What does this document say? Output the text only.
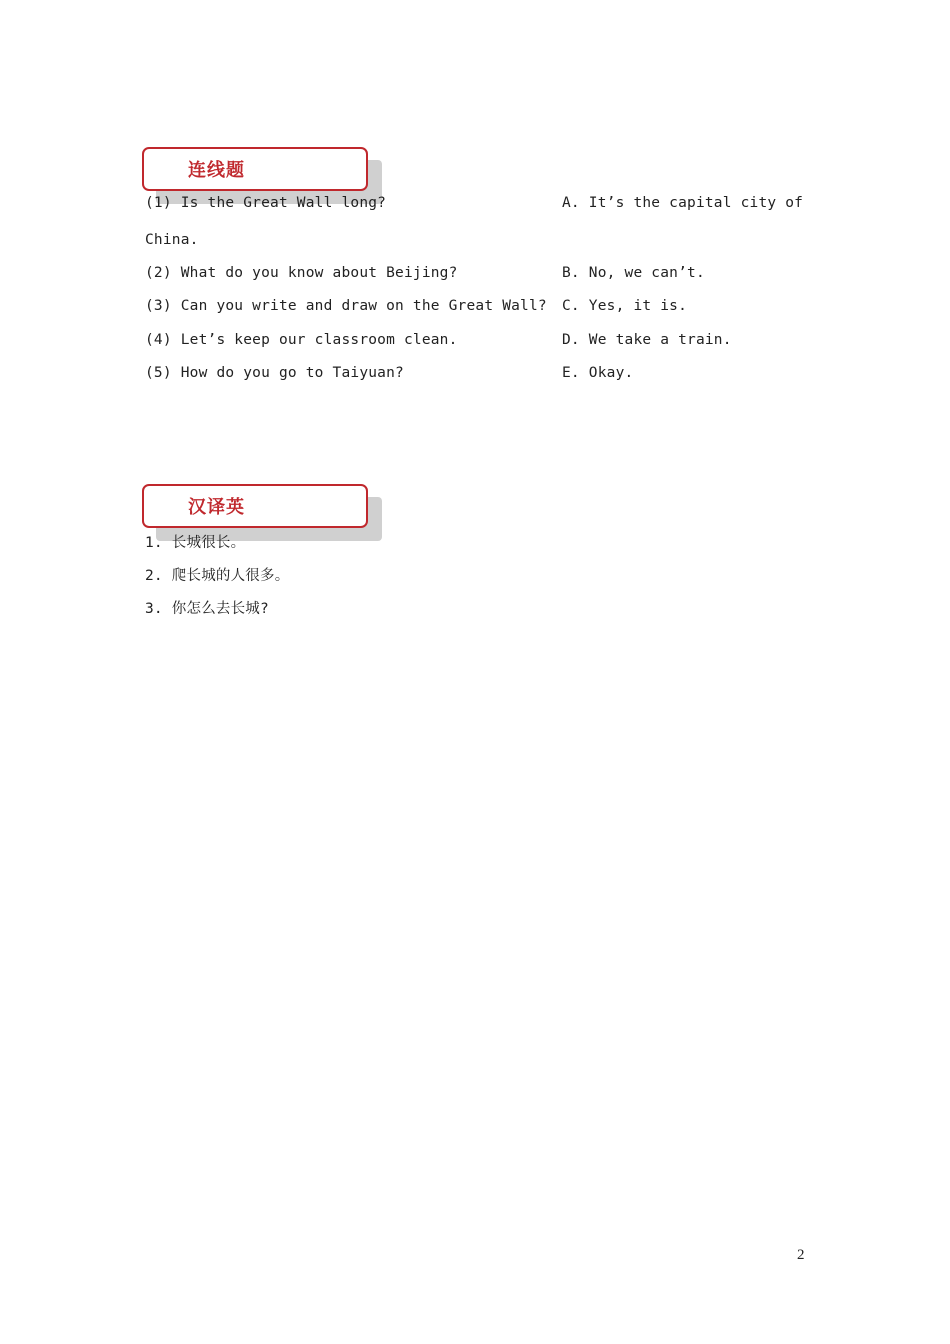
连线题
(1) Is the Great Wall long?	A. It’s the capital city of
China.
(2) What do you know about Beijing?	B. No, we can’t.
(3) Can you write and draw on the Great Wall? C. Yes, it is.
(4) Let’s keep our classroom clean.	D. We take a train.
(5) How do you go to Taiyuan?	E. Okay.
汉译英
1. 长城很长。
2. 爬长城的人很多。
3. 你怎么去长城?
2
